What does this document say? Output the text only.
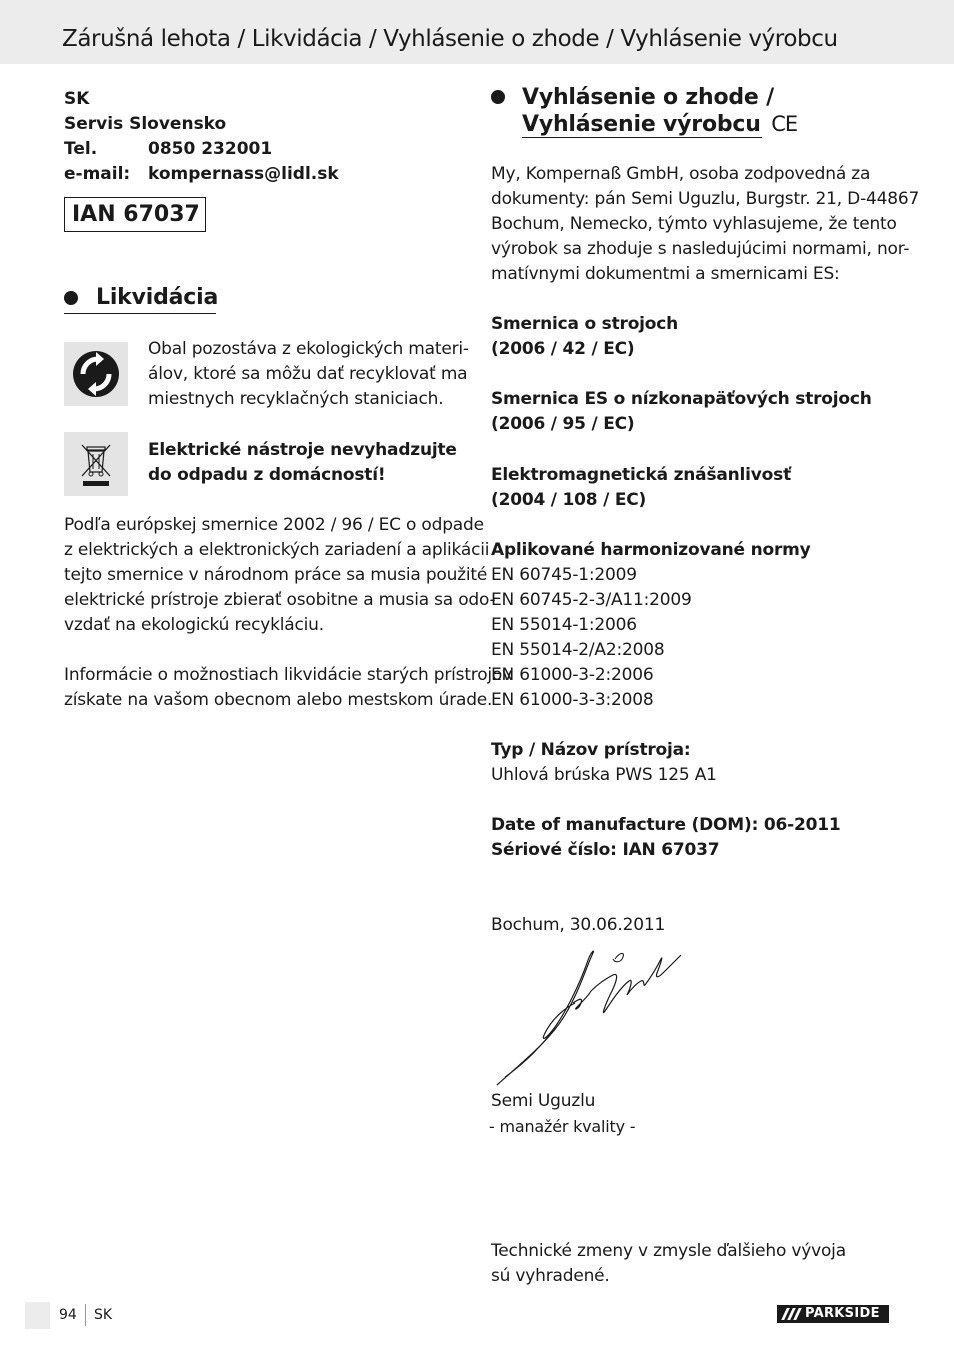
Zárušná lehota / Likvidácia / Vyhlásenie o zhode / Vyhlásenie výrobcu
SK
Servis Slovensko
Tel.	0850 232001
e-mail: kompernass@lidl.sk
IAN 67037
Likvidácia
Obal pozostáva z ekologických materi-
álov, ktoré sa môžu dať recyklovať ma
miestnych recyklačných staniciach.
Elektrické nástroje nevyhadzujte
do odpadu z domácností!
Podľa európskej smernice 2002 / 96 / EC o odpade
z elektrických a elektronických zariadení a aplikácii
tejto smernice v národnom práce sa musia použité
elektrické prístroje zbierať osobitne a musia sa odo-
vzdať na ekologickú recykláciu.
Informácie o možnostiach likvidácie starých prístrojov
získate na vašom obecnom alebo mestskom úrade.
Vyhlásenie o zhode /
Vyhlásenie výrobcu CE
My, Kompernaß GmbH, osoba zodpovedná za
dokumenty: pán Semi Uguzlu, Burgstr. 21, D-44867
Bochum, Nemecko, týmto vyhlasujeme, že tento
výrobok sa zhoduje s nasledujúcimi normami, nor-
matívnymi dokumentmi a smernicami ES:
Smernica o strojoch
(2006 / 42 / EC)
Smernica ES o nízkonapäťových strojoch
(2006 / 95 / EC)
Elektromagnetická znášanlivosť
(2004 / 108 / EC)
Aplikované harmonizované normy
EN 60745-1:2009
EN 60745-2-3/A11:2009
EN 55014-1:2006
EN 55014-2/A2:2008
EN 61000-3-2:2006
EN 61000-3-3:2008
Typ / Názov prístroja:
Uhlová brúska PWS 125 A1
Date of manufacture (DOM): 06-2011
Sériové číslo: IAN 67037
Bochum, 30.06.2011
Semi Uguzlu
- manažér kvality -
Technické zmeny v zmysle ďalšieho vývoja
sú vyhradené.
94 SK	PARKSIDE
